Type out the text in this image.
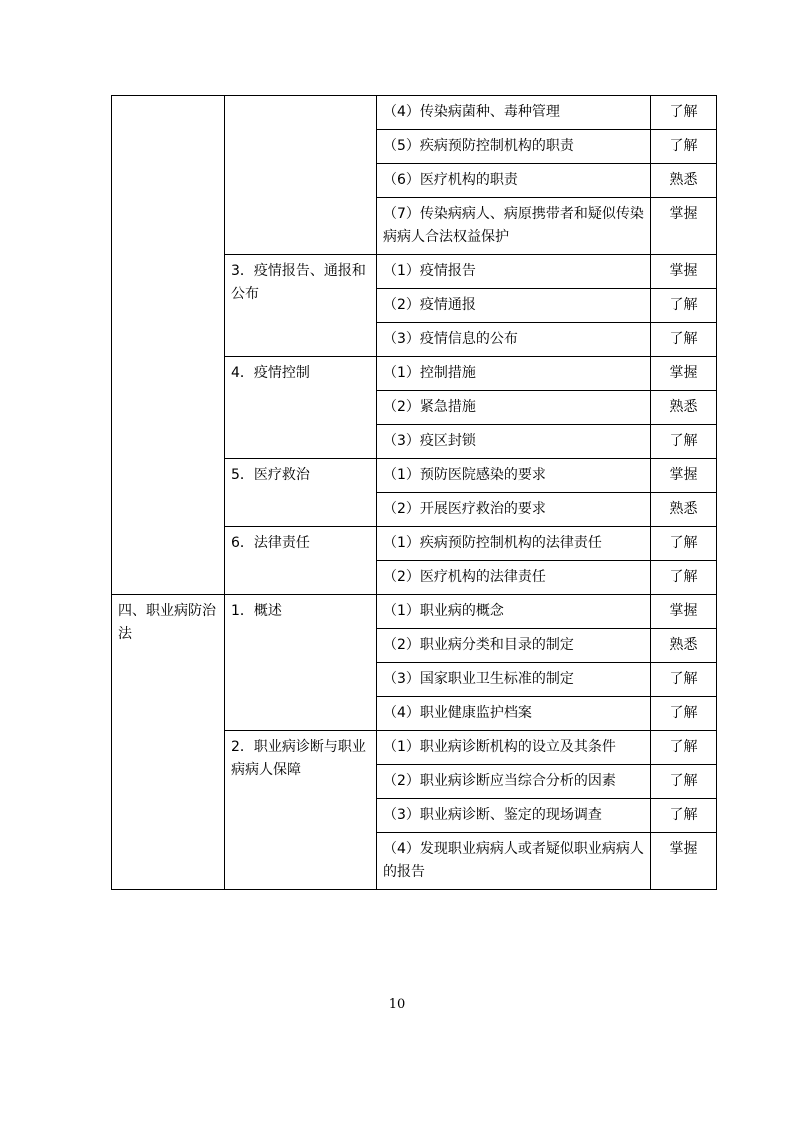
		（4）传染病菌种、毒种管理	了解
		（5）疾病预防控制机构的职责	了解
		（6）医疗机构的职责	熟悉
		（7）传染病病人、病原携带者和疑似传染病病人合法权益保护	掌握
	3．疫情报告、通报和公布	（1）疫情报告	掌握
		（2）疫情通报	了解
		（3）疫情信息的公布	了解
	4．疫情控制	（1）控制措施	掌握
		（2）紧急措施	熟悉
		（3）疫区封锁	了解
	5．医疗救治	（1）预防医院感染的要求	掌握
		（2）开展医疗救治的要求	熟悉
	6．法律责任	（1）疾病预防控制机构的法律责任	了解
		（2）医疗机构的法律责任	了解
四、职业病防治法	1．概述	（1）职业病的概念	掌握
		（2）职业病分类和目录的制定	熟悉
		（3）国家职业卫生标准的制定	了解
		（4）职业健康监护档案	了解
	2．职业病诊断与职业病病人保障	（1）职业病诊断机构的设立及其条件	了解
		（2）职业病诊断应当综合分析的因素	了解
		（3）职业病诊断、鉴定的现场调查	了解
		（4）发现职业病病人或者疑似职业病病人的报告	掌握
10
